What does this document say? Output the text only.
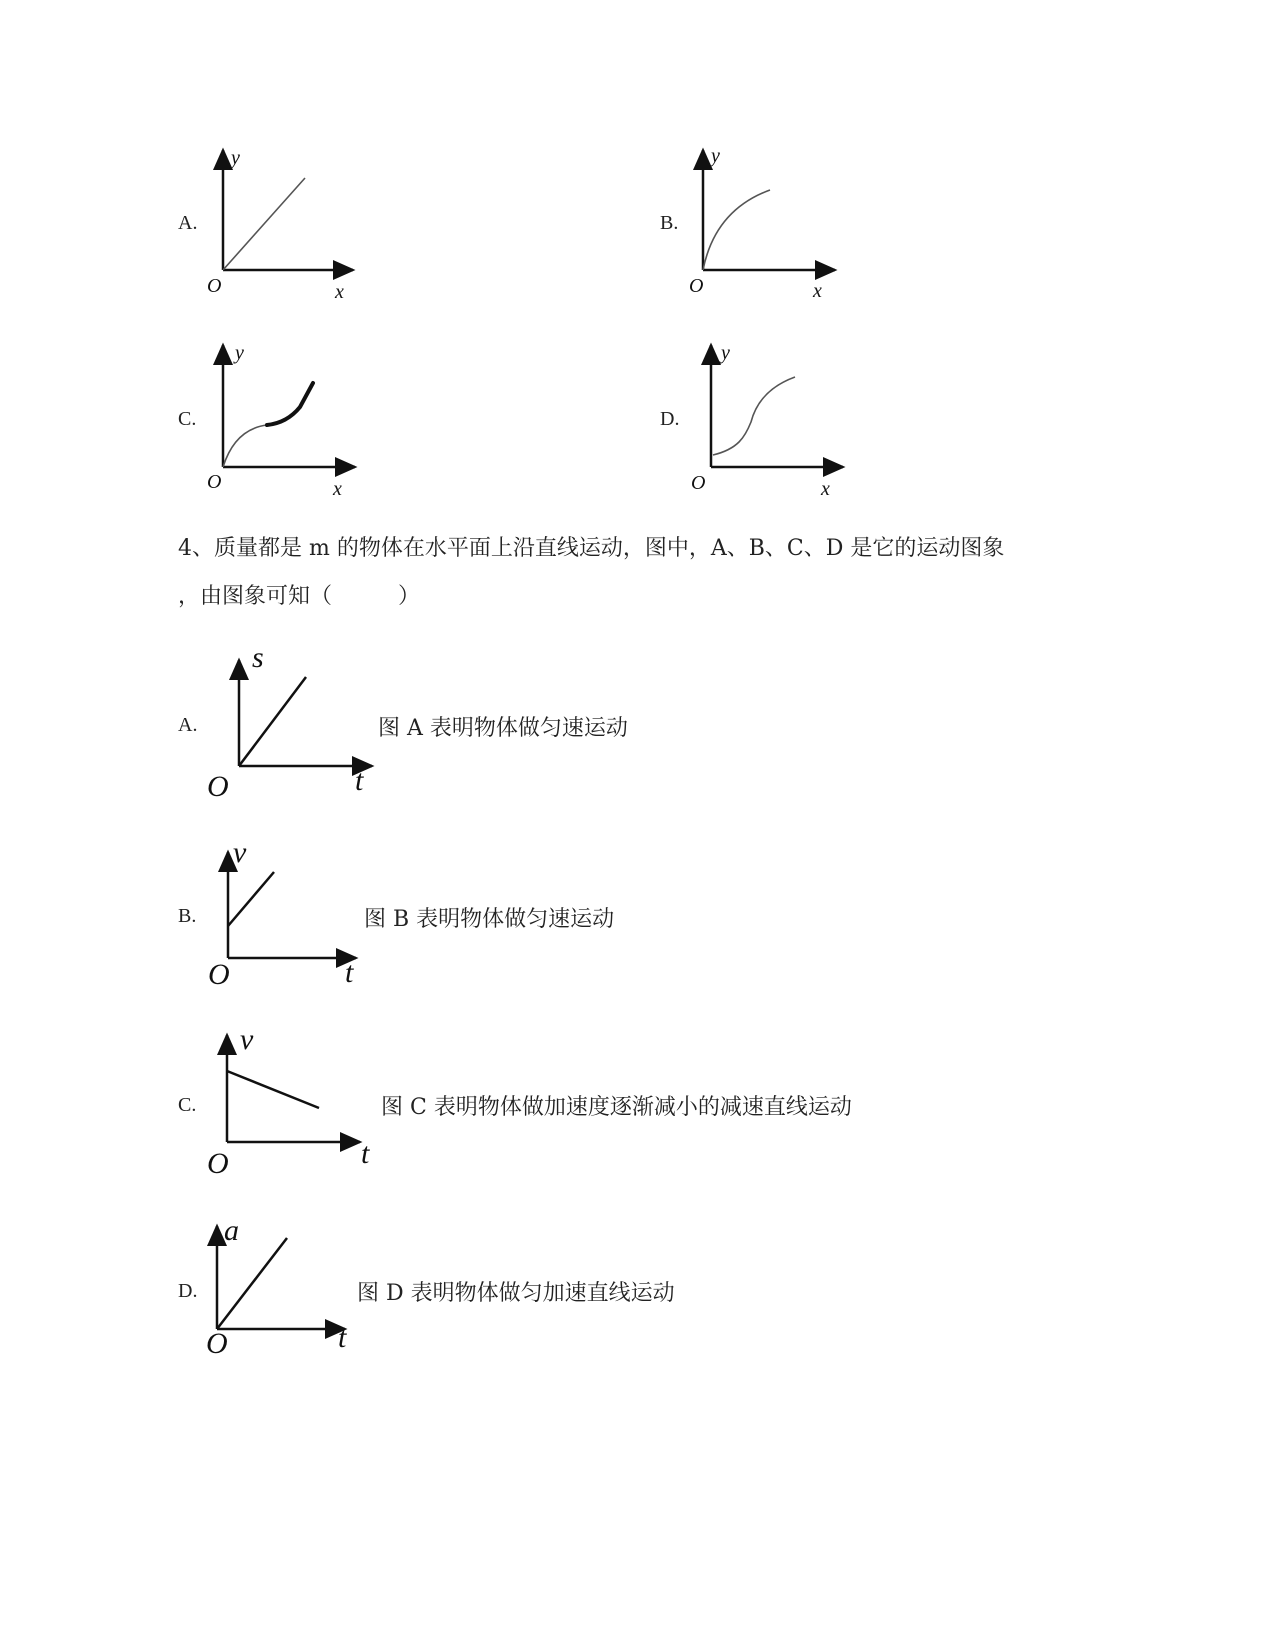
A.
y
O	x
B.
y
O	x
C.
y
O	x
D.
y
O	x
4、质量都是 m 的物体在水平面上沿直线运动，图中，A、B、C、D 是它的运动图象
，由图象可知（　　　）
A.
s
O	t
图 A 表明物体做匀速运动
B.
v
O	t
图 B 表明物体做匀速运动
C.
v
O	t
图 C 表明物体做加速度逐渐减小的减速直线运动
D.
a
O	t
图 D 表明物体做匀加速直线运动
